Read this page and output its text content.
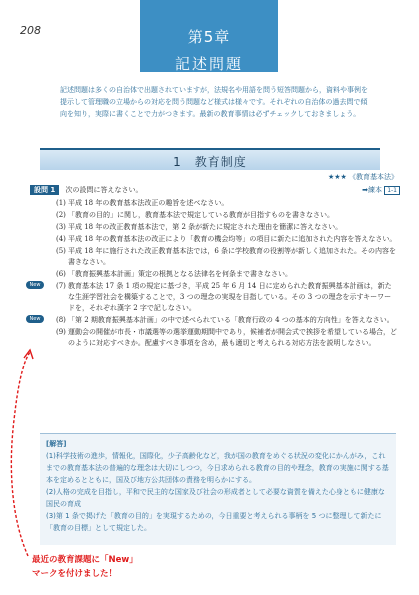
208	第5章
記述問題

記述問題は多くの自治体で出題されていますが，法規名や用語を問う短答問題から，資料や事例を提示して管理職の立場からの対応を問う問題など様式は様々です。それぞれの自治体の過去問で傾向を知り，実際に書くことで力がつきます。最新の教育事情は必ずチェックしておきましょう。

1　教育制度
★★★ 《教育基本法》
設問 1 次の設問に答えなさい。	➡練本 1-1
(1) 平成 18 年の教育基本法改正の趣旨を述べなさい。
(2) 「教育の目的」に関し，教育基本法で規定している教育が目指すものを書きなさい。
(3) 平成 18 年の改正教育基本法で，第 2 条が新たに規定された理由を簡潔に答えなさい。
(4) 平成 18 年の教育基本法の改正により「教育の機会均等」の項目に新たに追加された内容を答えなさい。
(5) 平成 18 年に施行された改正教育基本法では，6 条に学校教育の役割等が新しく追加された。その内容を書きなさい。
(6) 「教育振興基本計画」策定の根拠となる法律名を何条まで書きなさい。
New	(7) 教育基本法 17 条 1 項の規定に基づき，平成 25 年 6 月 14 日に定められた教育振興基本計画は，新たな生涯学習社会を構築することで，3 つの理念の実現を目指している。その 3 つの理念を示すキーワードを，それぞれ漢字 2 字で記しなさい。
New	(8) 「第 2 期教育振興基本計画」の中で述べられている「教育行政の 4 つの基本的方向性」を答えなさい。
(9) 運動会の開催が市長・市議選等の選挙運動期間中であり，候補者が開会式で挨拶を希望している場合，どのように対応すべきか。配慮すべき事項を含め，最も適切と考えられる対応方法を説明しなさい。
[解答]
(1)科学技術の進歩，情報化，国際化，少子高齢化など，我が国の教育をめぐる状況の変化にかんがみ，これまでの教育基本法の普遍的な理念は大切にしつつ，今日求められる教育の目的や理念，教育の実施に関する基本を定めるとともに，国及び地方公共団体の責務を明らかにする。
(2)人格の完成を目指し，平和で民主的な国家及び社会の形成者として必要な資質を備えた心身ともに健康な国民の育成
(3)第 1 条で掲げた「教育の目的」を実現するための，今日重要と考えられる事柄を 5 つに整理して新たに「教育の目標」として規定した。
最近の教育課題に「New」
マークを付けました！
